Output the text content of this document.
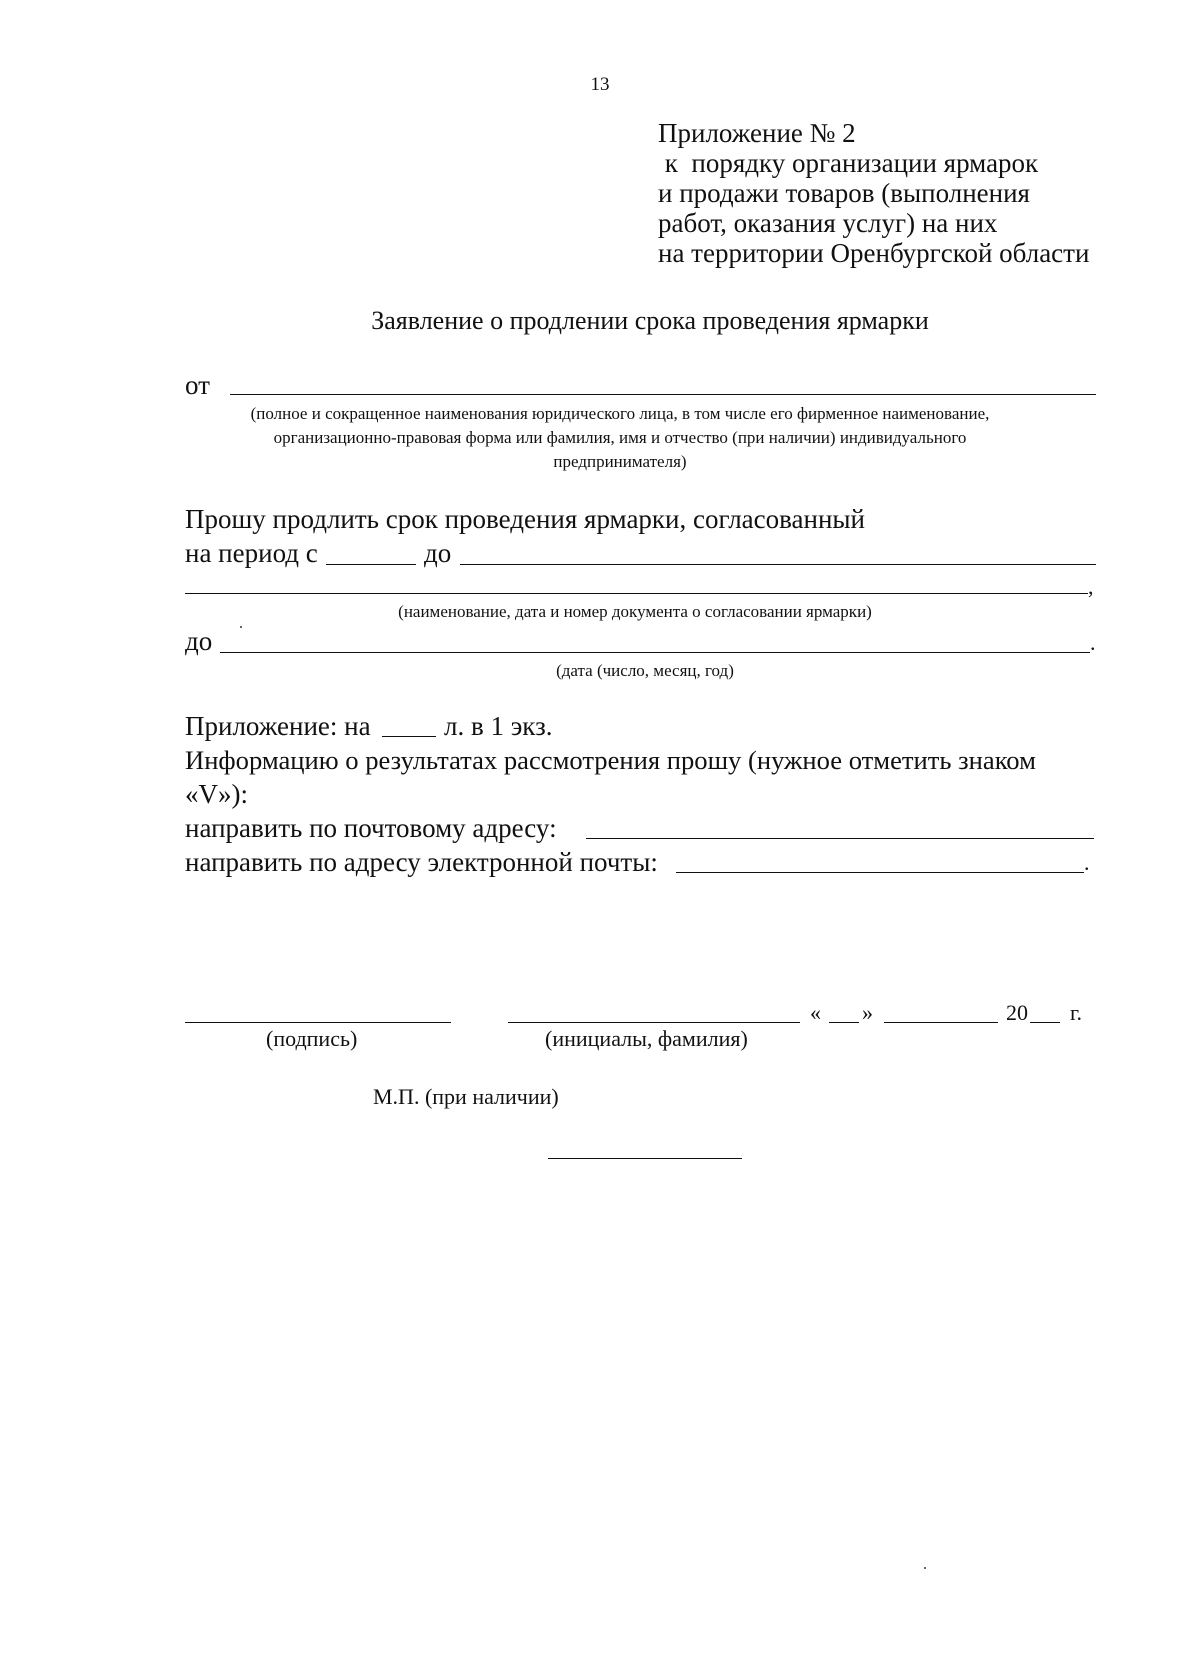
13
Приложение № 2
к  порядку организации ярмарок
и продажи товаров (выполнения
работ, оказания услуг) на них
на территории Оренбургской области
Заявление о продлении срока проведения ярмарки
от
(полное и сокращенное наименования юридического лица, в том числе его фирменное наименование,
организационно-правовая форма или фамилия, имя и отчество (при наличии) индивидуального
предпринимателя)
Прошу продлить срок проведения ярмарки, согласованный
на период с	до
,
(наименование, дата и номер документа о согласовании ярмарки)
до	.
(дата (число, месяц, год)
Приложение: на	л. в 1 экз.
Информацию о результатах рассмотрения прошу (нужное отметить знаком
«V»):
направить по почтовому адресу:
направить по адресу электронной почты:	.
« »	20 г.
(подпись)	(инициалы, фамилия)
М.П. (при наличии)
